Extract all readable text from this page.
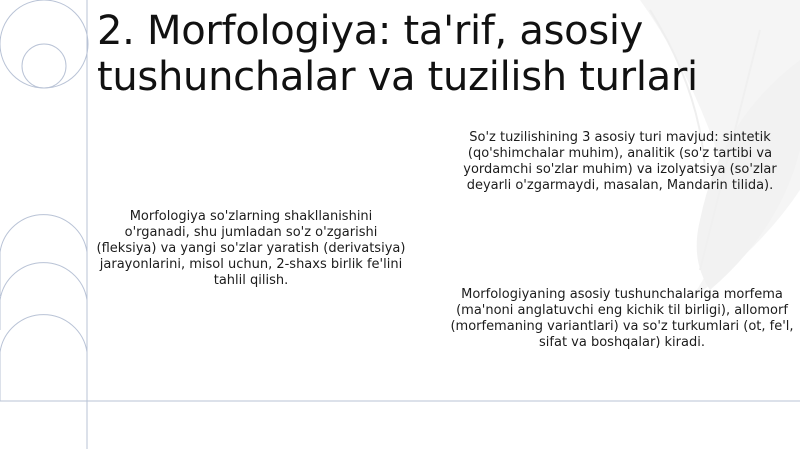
2. Morfologiya: ta'rif, asosiy tushunchalar va tuzilish turlari

Morfologiya so'zlarning shakllanishini o'rganadi, shu jumladan so'z o'zgarishi (fleksiya) va yangi so'zlar yaratish (derivatsiya) jarayonlarini, misol uchun, 2-shaxs birlik fe'lini tahlil qilish.

So'z tuzilishining 3 asosiy turi mavjud: sintetik (qo'shimchalar muhim), analitik (so'z tartibi va yordamchi so'zlar muhim) va izolyatsiya (so'zlar deyarli o'zgarmaydi, masalan, Mandarin tilida).

Morfologiyaning asosiy tushunchalariga morfema (ma'noni anglatuvchi eng kichik til birligi), allomorf (morfemaning variantlari) va so'z turkumlari (ot, fe'l, sifat va boshqalar) kiradi.
